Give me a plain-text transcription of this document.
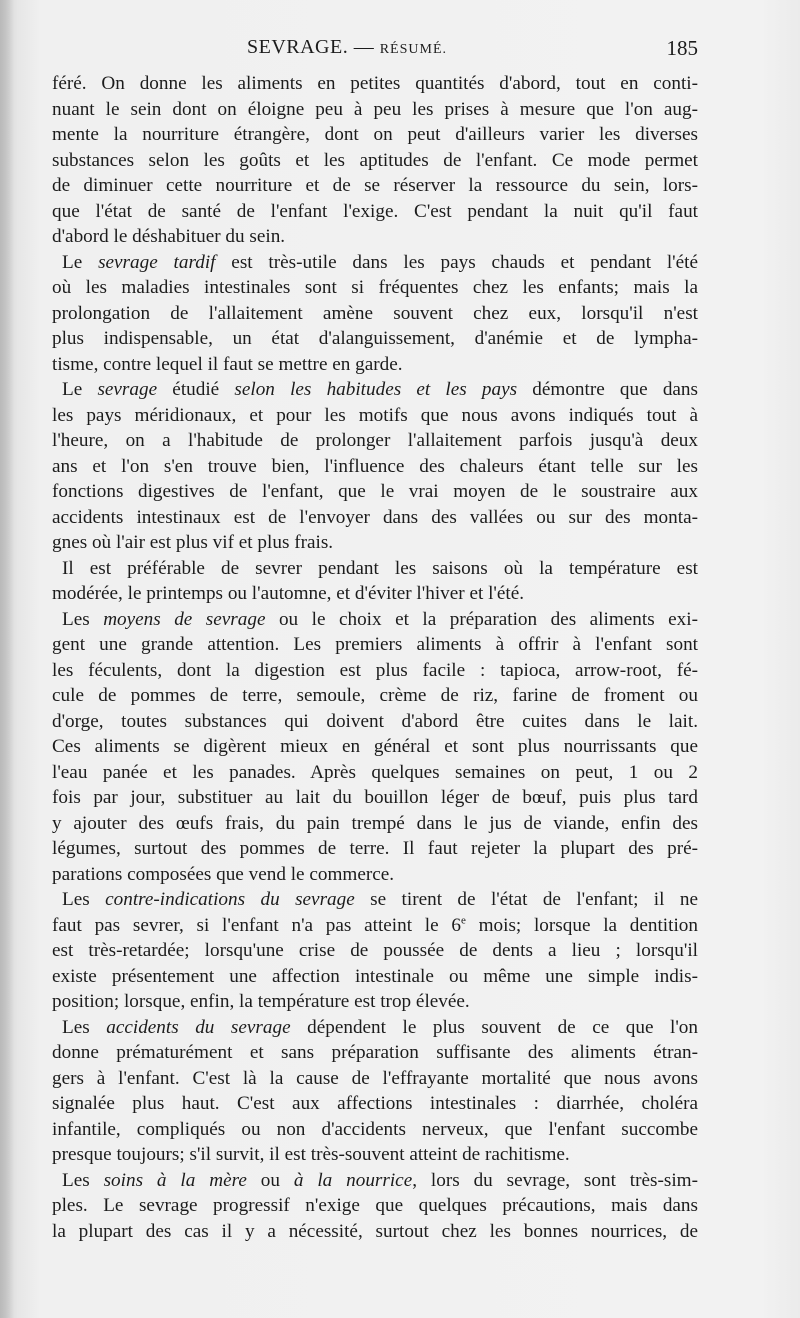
SEVRAGE. — RÉSUMÉ.	185
féré. On donne les aliments en petites quantités d'abord, tout en conti-
nuant le sein dont on éloigne peu à peu les prises à mesure que l'on aug-
mente la nourriture étrangère, dont on peut d'ailleurs varier les diverses
substances selon les goûts et les aptitudes de l'enfant. Ce mode permet
de diminuer cette nourriture et de se réserver la ressource du sein, lors-
que l'état de santé de l'enfant l'exige. C'est pendant la nuit qu'il faut
d'abord le déshabituer du sein.
Le sevrage tardif est très-utile dans les pays chauds et pendant l'été
où les maladies intestinales sont si fréquentes chez les enfants; mais la
prolongation de l'allaitement amène souvent chez eux, lorsqu'il n'est
plus indispensable, un état d'alanguissement, d'anémie et de lympha-
tisme, contre lequel il faut se mettre en garde.
Le sevrage étudié selon les habitudes et les pays démontre que dans
les pays méridionaux, et pour les motifs que nous avons indiqués tout à
l'heure, on a l'habitude de prolonger l'allaitement parfois jusqu'à deux
ans et l'on s'en trouve bien, l'influence des chaleurs étant telle sur les
fonctions digestives de l'enfant, que le vrai moyen de le soustraire aux
accidents intestinaux est de l'envoyer dans des vallées ou sur des monta-
gnes où l'air est plus vif et plus frais.
Il est préférable de sevrer pendant les saisons où la température est
modérée, le printemps ou l'automne, et d'éviter l'hiver et l'été.
Les moyens de sevrage ou le choix et la préparation des aliments exi-
gent une grande attention. Les premiers aliments à offrir à l'enfant sont
les féculents, dont la digestion est plus facile : tapioca, arrow-root, fé-
cule de pommes de terre, semoule, crème de riz, farine de froment ou
d'orge, toutes substances qui doivent d'abord être cuites dans le lait.
Ces aliments se digèrent mieux en général et sont plus nourrissants que
l'eau panée et les panades. Après quelques semaines on peut, 1 ou 2
fois par jour, substituer au lait du bouillon léger de bœuf, puis plus tard
y ajouter des œufs frais, du pain trempé dans le jus de viande, enfin des
légumes, surtout des pommes de terre. Il faut rejeter la plupart des pré-
parations composées que vend le commerce.
Les contre-indications du sevrage se tirent de l'état de l'enfant; il ne
faut pas sevrer, si l'enfant n'a pas atteint le 6e mois; lorsque la dentition
est très-retardée; lorsqu'une crise de poussée de dents a lieu ; lorsqu'il
existe présentement une affection intestinale ou même une simple indis-
position; lorsque, enfin, la température est trop élevée.
Les accidents du sevrage dépendent le plus souvent de ce que l'on
donne prématurément et sans préparation suffisante des aliments étran-
gers à l'enfant. C'est là la cause de l'effrayante mortalité que nous avons
signalée plus haut. C'est aux affections intestinales : diarrhée, choléra
infantile, compliqués ou non d'accidents nerveux, que l'enfant succombe
presque toujours; s'il survit, il est très-souvent atteint de rachitisme.
Les soins à la mère ou à la nourrice, lors du sevrage, sont très-sim-
ples. Le sevrage progressif n'exige que quelques précautions, mais dans
la plupart des cas il y a nécessité, surtout chez les bonnes nourrices, de
